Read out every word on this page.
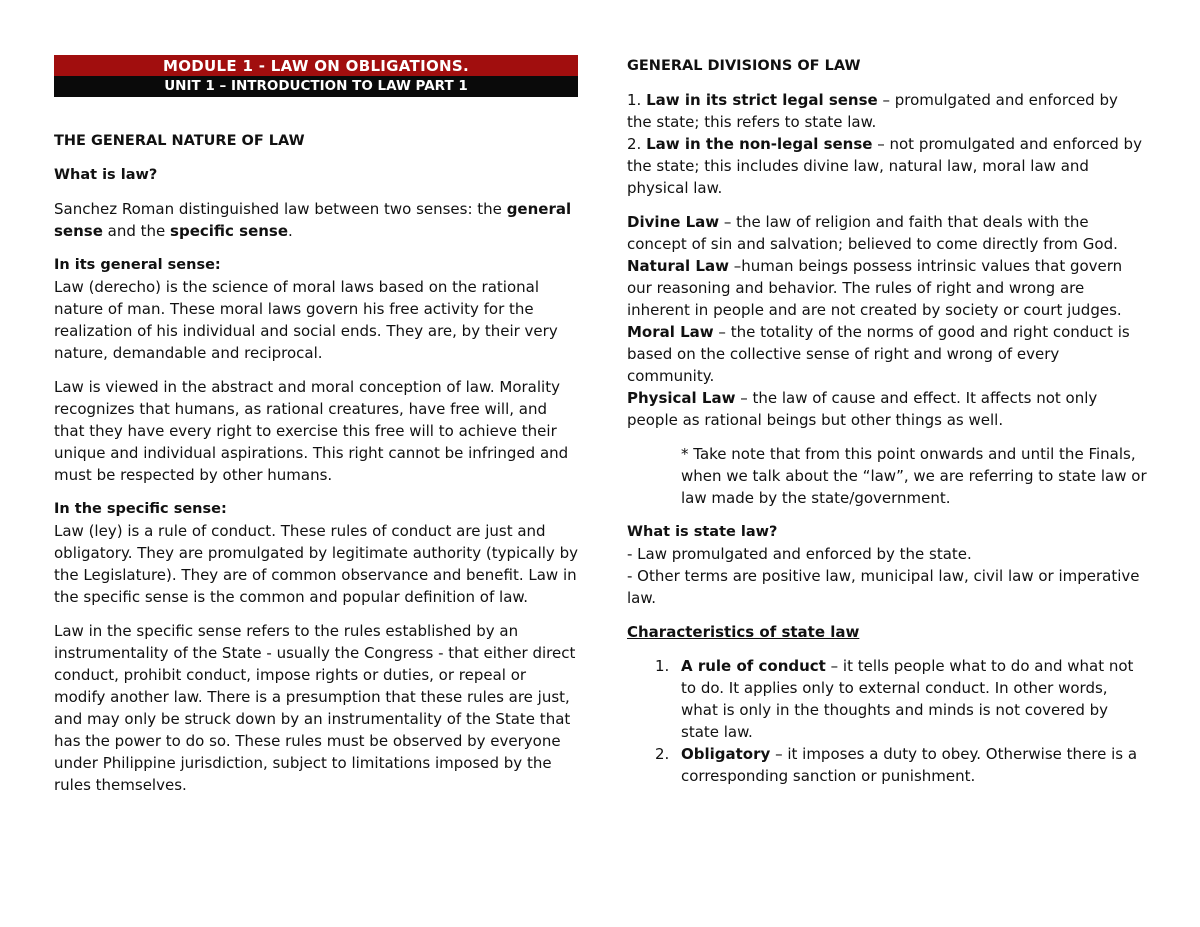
MODULE 1 - LAW ON OBLIGATIONS.
UNIT 1 – INTRODUCTION TO LAW PART 1

THE GENERAL NATURE OF LAW

What is law?

Sanchez Roman distinguished law between two senses: the general sense and the specific sense.

In its general sense:

Law (derecho) is the science of moral laws based on the rational nature of man. These moral laws govern his free activity for the realization of his individual and social ends. They are, by their very nature, demandable and reciprocal.

Law is viewed in the abstract and moral conception of law. Morality recognizes that humans, as rational creatures, have free will, and that they have every right to exercise this free will to achieve their unique and individual aspirations. This right cannot be infringed and must be respected by other humans.

In the specific sense:

Law (ley) is a rule of conduct. These rules of conduct are just and obligatory. They are promulgated by legitimate authority (typically by the Legislature). They are of common observance and benefit. Law in the specific sense is the common and popular definition of law.

Law in the specific sense refers to the rules established by an instrumentality of the State - usually the Congress - that either direct conduct, prohibit conduct, impose rights or duties, or repeal or modify another law. There is a presumption that these rules are just, and may only be struck down by an instrumentality of the State that has the power to do so. These rules must be observed by everyone under Philippine jurisdiction, subject to limitations imposed by the rules themselves.

GENERAL DIVISIONS OF LAW

1. Law in its strict legal sense – promulgated and enforced by the state; this refers to state law.

2. Law in the non-legal sense – not promulgated and enforced by the state; this includes divine law, natural law, moral law and physical law.

Divine Law – the law of religion and faith that deals with the concept of sin and salvation; believed to come directly from God.

Natural Law –human beings possess intrinsic values that govern our reasoning and behavior. The rules of right and wrong are inherent in people and are not created by society or court judges.

Moral Law – the totality of the norms of good and right conduct is based on the collective sense of right and wrong of every community.

Physical Law – the law of cause and effect. It affects not only people as rational beings but other things as well.

* Take note that from this point onwards and until the Finals, when we talk about the “law”, we are referring to state law or law made by the state/government.

What is state law?

- Law promulgated and enforced by the state.

- Other terms are positive law, municipal law, civil law or imperative law.

Characteristics of state law

1. A rule of conduct – it tells people what to do and what not to do. It applies only to external conduct. In other words, what is only in the thoughts and minds is not covered by state law.
2. Obligatory – it imposes a duty to obey. Otherwise there is a corresponding sanction or punishment.
